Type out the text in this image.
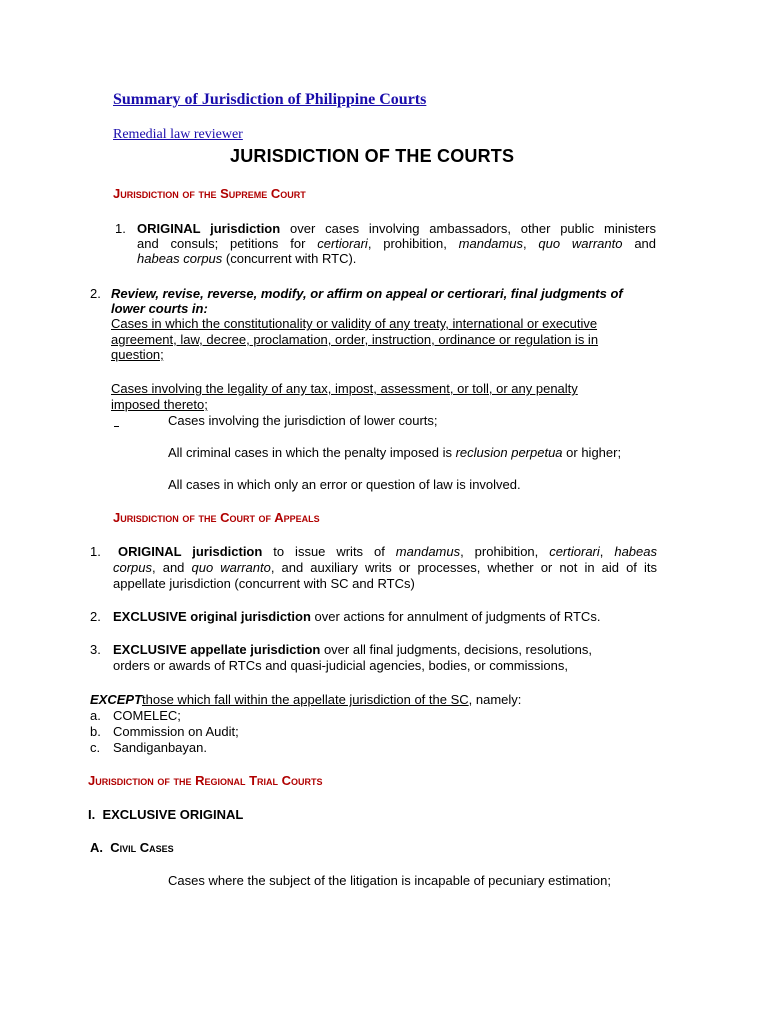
Summary of Jurisdiction of Philippine Courts
Remedial law reviewer
JURISDICTION OF THE COURTS
Jurisdiction of the Supreme Court
1. ORIGINAL jurisdiction over cases involving ambassadors, other public ministers
and consuls; petitions for certiorari, prohibition, mandamus, quo warranto and
habeas corpus (concurrent with RTC).
2. Review, revise, reverse, modify, or affirm on appeal or certiorari, final judgments of
lower courts in:
Cases in which the constitutionality or validity of any treaty, international or executive
agreement, law, decree, proclamation, order, instruction, ordinance or regulation is in
question;
Cases involving the legality of any tax, impost, assessment, or toll, or any penalty
imposed thereto;
Cases involving the jurisdiction of lower courts;
All criminal cases in which the penalty imposed is reclusion perpetua or higher;
All cases in which only an error or question of law is involved.
Jurisdiction of the Court of Appeals
1. ORIGINAL jurisdiction to issue writs of mandamus, prohibition, certiorari, habeas
corpus, and quo warranto, and auxiliary writs or processes, whether or not in aid of its
appellate jurisdiction (concurrent with SC and RTCs)
2. EXCLUSIVE original jurisdiction over actions for annulment of judgments of RTCs.
3. EXCLUSIVE appellate jurisdiction over all final judgments, decisions, resolutions,
orders or awards of RTCs and quasi-judicial agencies, bodies, or commissions,
EXCEPTthose which fall within the appellate jurisdiction of the SC, namely:
a. COMELEC;
b. Commission on Audit;
c. Sandiganbayan.
Jurisdiction of the Regional Trial Courts
I.  EXCLUSIVE ORIGINAL
A.  Civil Cases
Cases where the subject of the litigation is incapable of pecuniary estimation;
